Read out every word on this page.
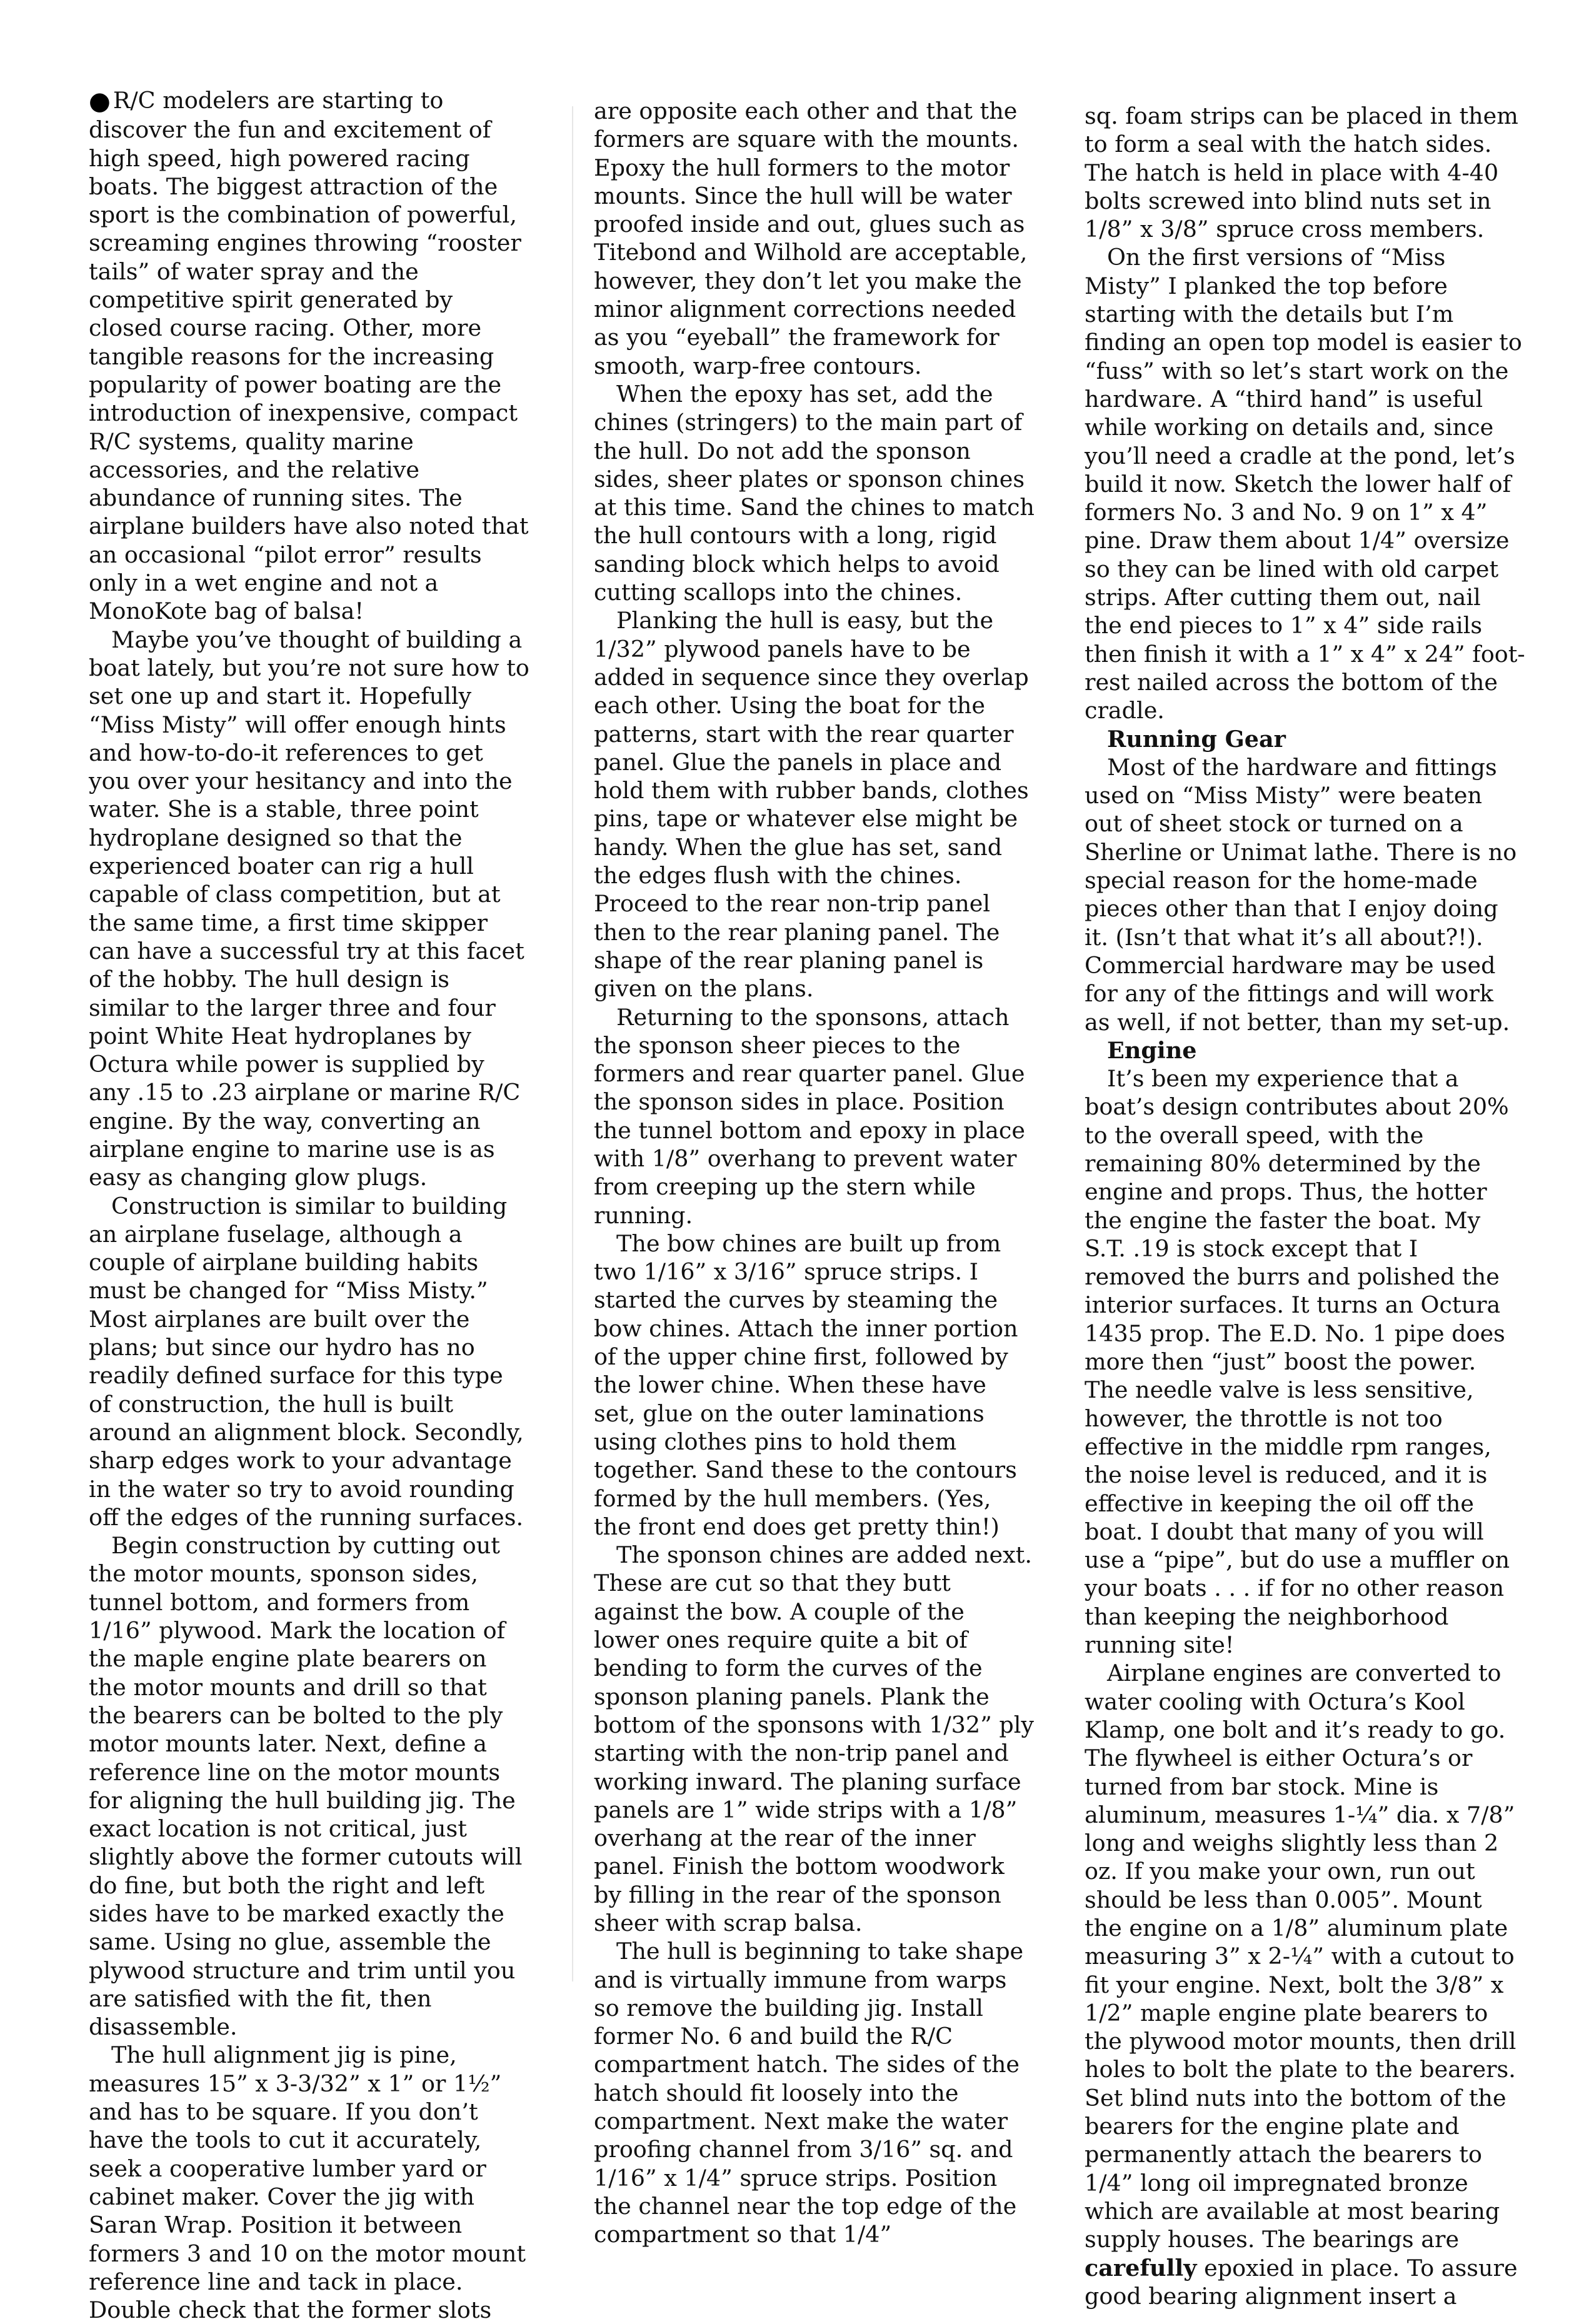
● R/C modelers are starting to discover the fun and excitement of high speed, high powered racing boats. The biggest attraction of the sport is the combination of powerful, screaming engines throwing “rooster tails” of water spray and the competitive spirit generated by closed course racing. Other, more tangible reasons for the increasing popularity of power boating are the introduction of inexpensive, compact R/C systems, quality marine accessories, and the relative abundance of running sites. The airplane builders have also noted that an occasional “pilot error” results only in a wet engine and not a MonoKote bag of balsa!

Maybe you’ve thought of building a boat lately, but you’re not sure how to set one up and start it. Hopefully “Miss Misty” will offer enough hints and how-to-do-it references to get you over your hesitancy and into the water. She is a stable, three point hydroplane designed so that the experienced boater can rig a hull capable of class competition, but at the same time, a first time skipper can have a successful try at this facet of the hobby. The hull design is similar to the larger three and four point White Heat hydroplanes by Octura while power is supplied by any .15 to .23 airplane or marine R/C engine. By the way, converting an airplane engine to marine use is as easy as changing glow plugs.

Construction is similar to building an airplane fuselage, although a couple of airplane building habits must be changed for “Miss Misty.” Most airplanes are built over the plans; but since our hydro has no readily defined surface for this type of construction, the hull is built around an alignment block. Secondly, sharp edges work to your advantage in the water so try to avoid rounding off the edges of the running surfaces.

Begin construction by cutting out the motor mounts, sponson sides, tunnel bottom, and formers from 1/16” plywood. Mark the location of the maple engine plate bearers on the motor mounts and drill so that the bearers can be bolted to the ply motor mounts later. Next, define a reference line on the motor mounts for aligning the hull building jig. The exact location is not critical, just slightly above the former cutouts will do fine, but both the right and left sides have to be marked exactly the same. Using no glue, assemble the plywood structure and trim until you are satisfied with the fit, then disassemble.

The hull alignment jig is pine, measures 15” x 3-3/32” x 1” or 1½” and has to be square. If you don’t have the tools to cut it accurately, seek a cooperative lumber yard or cabinet maker. Cover the jig with Saran Wrap. Position it between formers 3 and 10 on the motor mount reference line and tack in place. Double check that the former slots

are opposite each other and that the formers are square with the mounts. Epoxy the hull formers to the motor mounts. Since the hull will be water proofed inside and out, glues such as Titebond and Wilhold are acceptable, however, they don’t let you make the minor alignment corrections needed as you “eyeball” the framework for smooth, warp-free contours.

When the epoxy has set, add the chines (stringers) to the main part of the hull. Do not add the sponson sides, sheer plates or sponson chines at this time. Sand the chines to match the hull contours with a long, rigid sanding block which helps to avoid cutting scallops into the chines.

Planking the hull is easy, but the 1/32” plywood panels have to be added in sequence since they overlap each other. Using the boat for the patterns, start with the rear quarter panel. Glue the panels in place and hold them with rubber bands, clothes pins, tape or whatever else might be handy. When the glue has set, sand the edges flush with the chines. Proceed to the rear non-trip panel then to the rear planing panel. The shape of the rear planing panel is given on the plans.

Returning to the sponsons, attach the sponson sheer pieces to the formers and rear quarter panel. Glue the sponson sides in place. Position the tunnel bottom and epoxy in place with 1/8” overhang to prevent water from creeping up the stern while running.

The bow chines are built up from two 1/16” x 3/16” spruce strips. I started the curves by steaming the bow chines. Attach the inner portion of the upper chine first, followed by the lower chine. When these have set, glue on the outer laminations using clothes pins to hold them together. Sand these to the contours formed by the hull members. (Yes, the front end does get pretty thin!)

The sponson chines are added next. These are cut so that they butt against the bow. A couple of the lower ones require quite a bit of bending to form the curves of the sponson planing panels. Plank the bottom of the sponsons with 1/32” ply starting with the non-trip panel and working inward. The planing surface panels are 1” wide strips with a 1/8” overhang at the rear of the inner panel. Finish the bottom woodwork by filling in the rear of the sponson sheer with scrap balsa.

The hull is beginning to take shape and is virtually immune from warps so remove the building jig. Install former No. 6 and build the R/C compartment hatch. The sides of the hatch should fit loosely into the compartment. Next make the water proofing channel from 3/16” sq. and 1/16” x 1/4” spruce strips. Position the channel near the top edge of the compartment so that 1/4”

sq. foam strips can be placed in them to form a seal with the hatch sides. The hatch is held in place with 4-40 bolts screwed into blind nuts set in 1/8” x 3/8” spruce cross members.

On the first versions of “Miss Misty” I planked the top before starting with the details but I’m finding an open top model is easier to “fuss” with so let’s start work on the hardware. A “third hand” is useful while working on details and, since you’ll need a cradle at the pond, let’s build it now. Sketch the lower half of formers No. 3 and No. 9 on 1” x 4” pine. Draw them about 1/4” oversize so they can be lined with old carpet strips. After cutting them out, nail the end pieces to 1” x 4” side rails then finish it with a 1” x 4” x 24” foot-rest nailed across the bottom of the cradle.

Running Gear

Most of the hardware and fittings used on “Miss Misty” were beaten out of sheet stock or turned on a Sherline or Unimat lathe. There is no special reason for the home-made pieces other than that I enjoy doing it. (Isn’t that what it’s all about?!). Commercial hardware may be used for any of the fittings and will work as well, if not better, than my set-up.

Engine

It’s been my experience that a boat’s design contributes about 20% to the overall speed, with the remaining 80% determined by the engine and props. Thus, the hotter the engine the faster the boat. My S.T. .19 is stock except that I removed the burrs and polished the interior surfaces. It turns an Octura 1435 prop. The E.D. No. 1 pipe does more then “just” boost the power. The needle valve is less sensitive, however, the throttle is not too effective in the middle rpm ranges, the noise level is reduced, and it is effective in keeping the oil off the boat. I doubt that many of you will use a “pipe”, but do use a muffler on your boats . . . if for no other reason than keeping the neighborhood running site!

Airplane engines are converted to water cooling with Octura’s Kool Klamp, one bolt and it’s ready to go. The flywheel is either Octura’s or turned from bar stock. Mine is aluminum, measures 1-¼” dia. x 7/8” long and weighs slightly less than 2 oz. If you make your own, run out should be less than 0.005”. Mount the engine on a 1/8” aluminum plate measuring 3” x 2-¼” with a cutout to fit your engine. Next, bolt the 3/8” x 1/2” maple engine plate bearers to the plywood motor mounts, then drill holes to bolt the plate to the bearers. Set blind nuts into the bottom of the bearers for the engine plate and permanently attach the bearers to 1/4” long oil impregnated bronze which are available at most bearing supply houses. The bearings are carefully epoxied in place. To assure good bearing alignment insert a
